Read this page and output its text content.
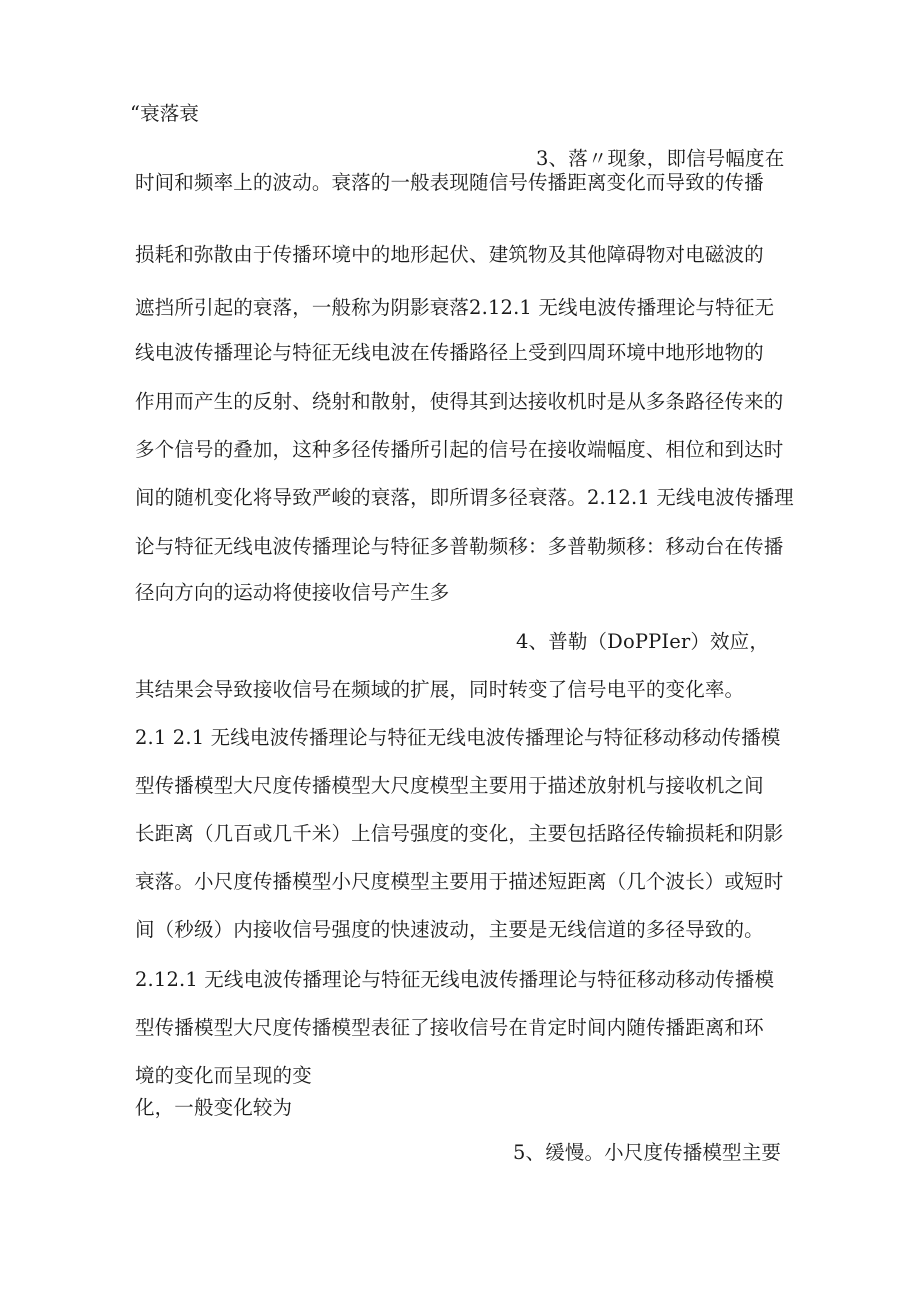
“衰落衰
3、落〃现象，即信号幅度在
时间和频率上的波动。衰落的一般表现随信号传播距离变化而导致的传播
损耗和弥散由于传播环境中的地形起伏、建筑物及其他障碍物对电磁波的
遮挡所引起的衰落，一般称为阴影衰落2.12.1 无线电波传播理论与特征无
线电波传播理论与特征无线电波在传播路径上受到四周环境中地形地物的
作用而产生的反射、绕射和散射，使得其到达接收机时是从多条路径传来的
多个信号的叠加，这种多径传播所引起的信号在接收端幅度、相位和到达时
间的随机变化将导致严峻的衰落，即所谓多径衰落。2.12.1 无线电波传播理
论与特征无线电波传播理论与特征多普勒频移：多普勒频移：移动台在传播
径向方向的运动将使接收信号产生多
4、普勒（DoPPIer）效应，
其结果会导致接收信号在频域的扩展，同时转变了信号电平的变化率。
2.1 2.1 无线电波传播理论与特征无线电波传播理论与特征移动移动传播模
型传播模型大尺度传播模型大尺度模型主要用于描述放射机与接收机之间
长距离（几百或几千米）上信号强度的变化，主要包括路径传输损耗和阴影
衰落。小尺度传播模型小尺度模型主要用于描述短距离（几个波长）或短时
间（秒级）内接收信号强度的快速波动，主要是无线信道的多径导致的。
2.12.1 无线电波传播理论与特征无线电波传播理论与特征移动移动传播模
型传播模型大尺度传播模型表征了接收信号在肯定时间内随传播距离和环
境的变化而呈现的变
化，一般变化较为
5、缓慢。小尺度传播模型主要
